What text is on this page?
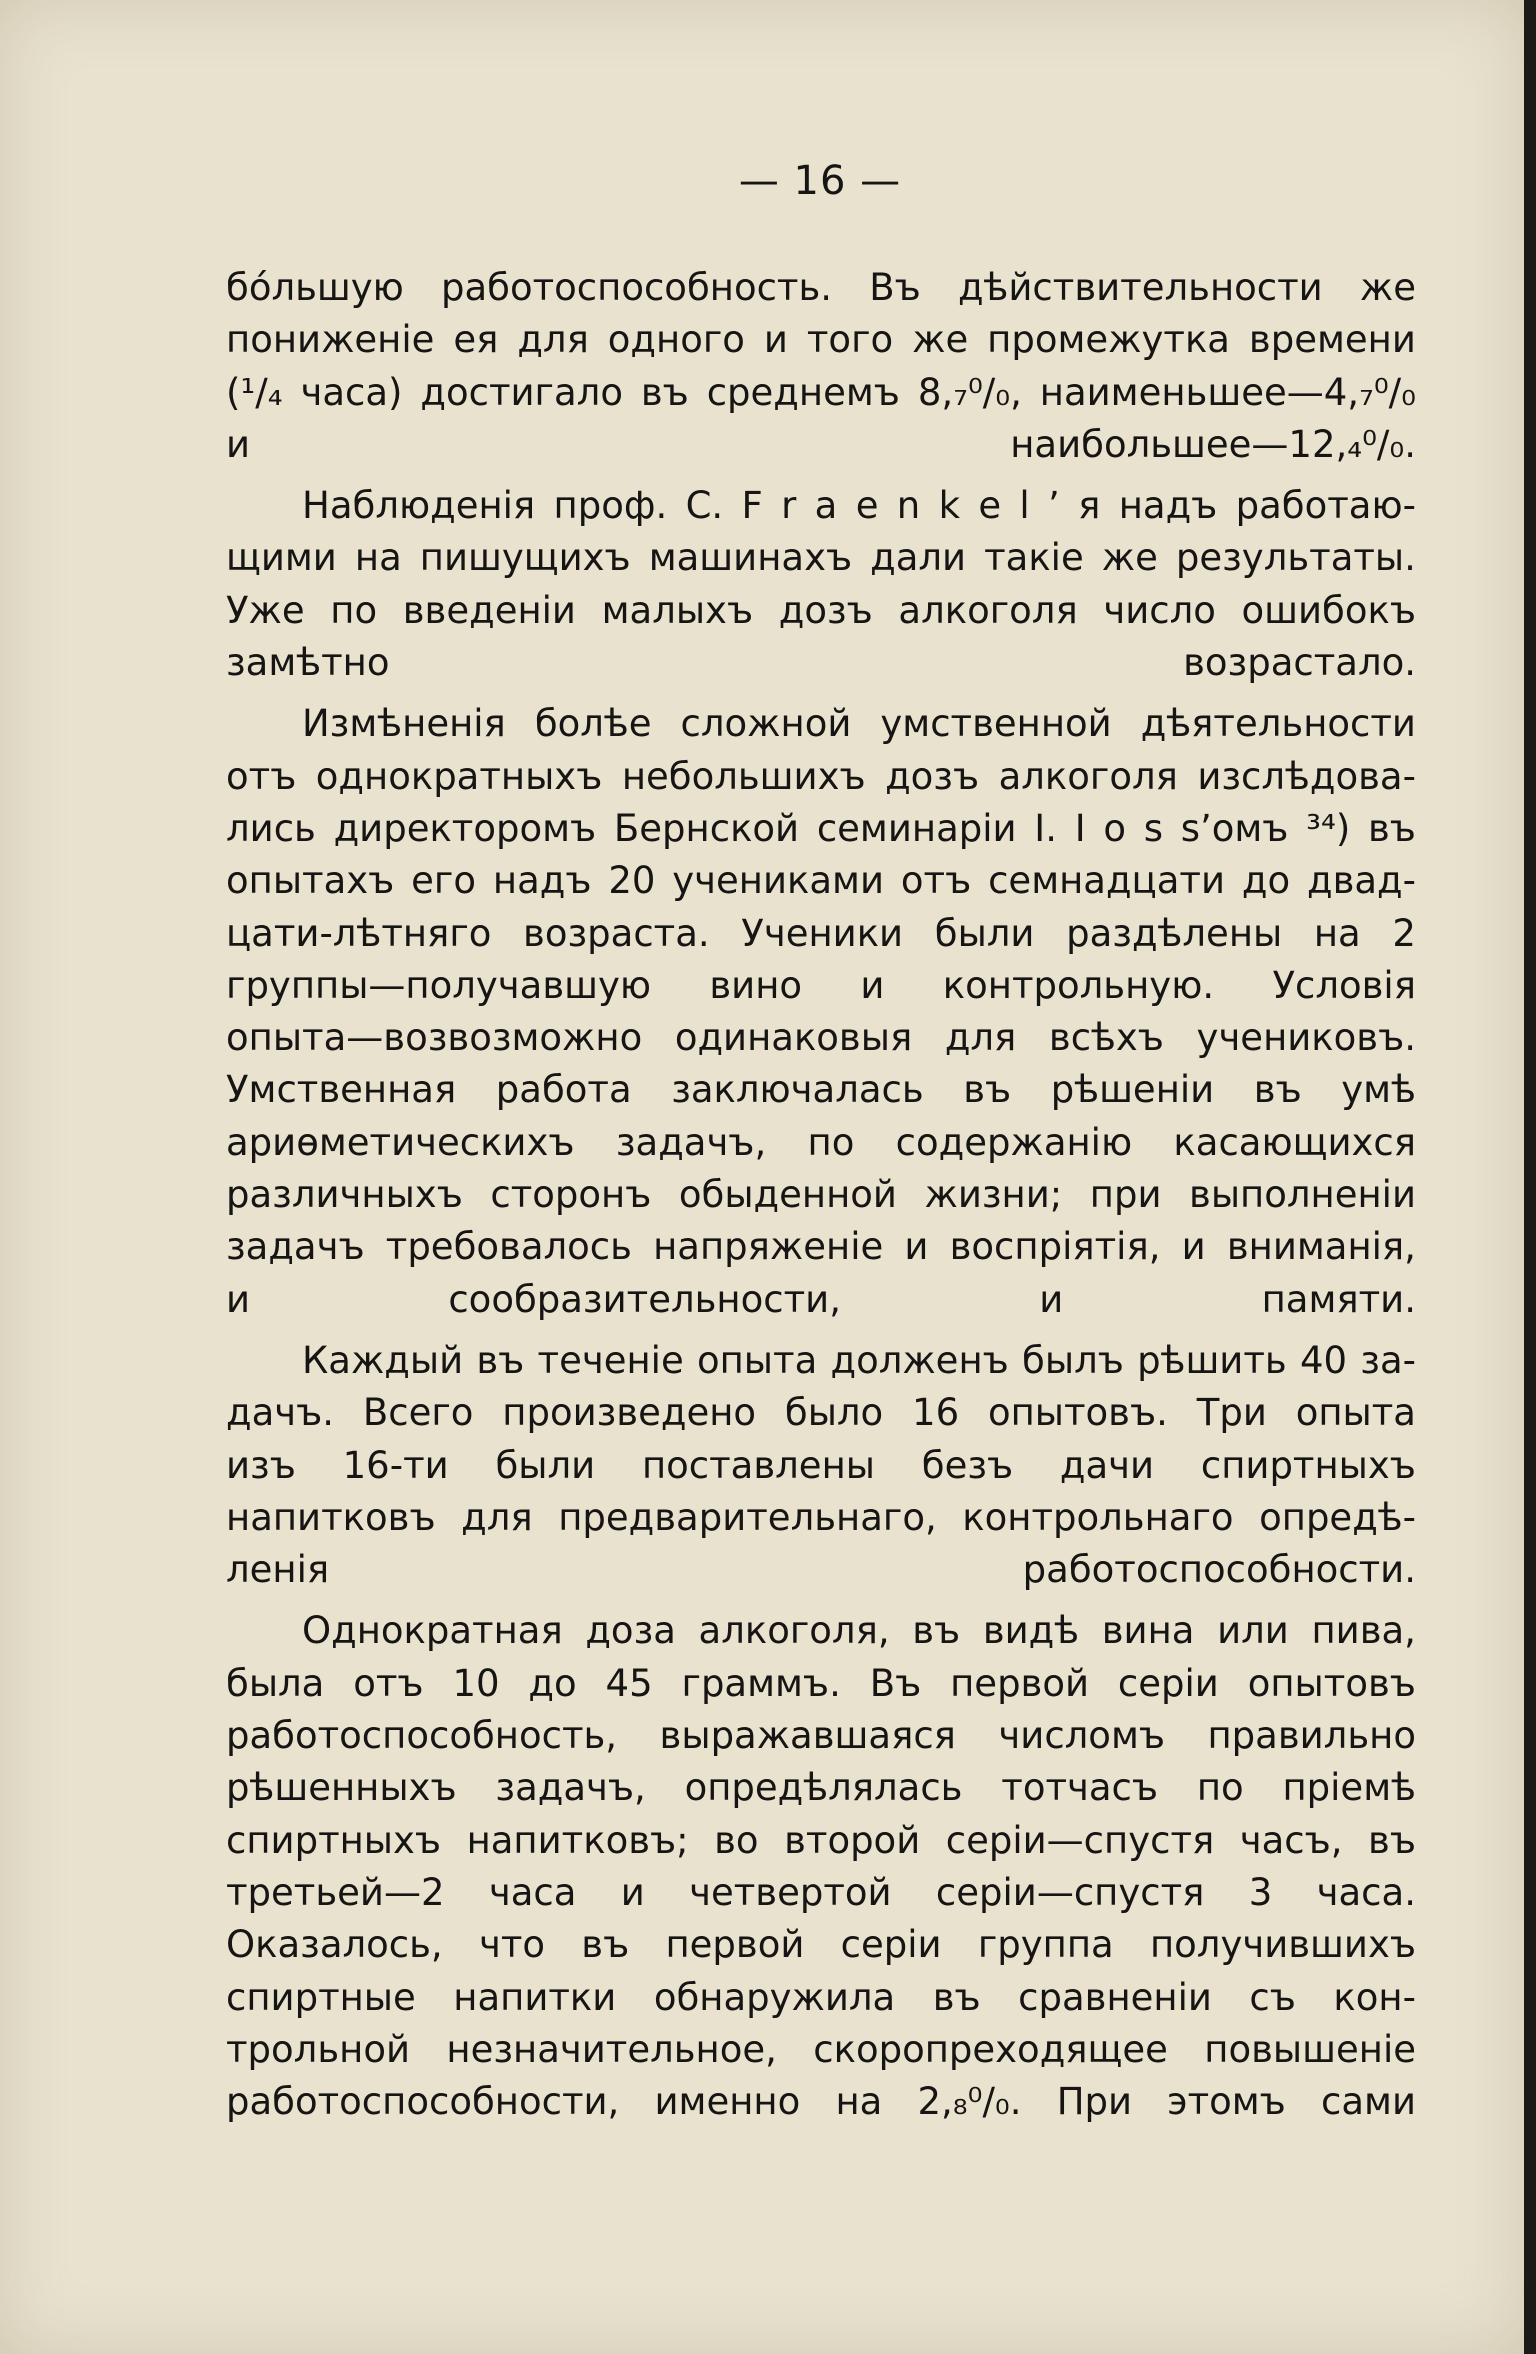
— 16 —

бóльшую работоспособность. Въ дѣйствительности же
пониженіе ея для одного и того же промежутка времени
(¹/₄ часа) достигало въ среднемъ 8,₇⁰/₀, наименьшее—4,₇⁰/₀
и наибольшее—12,₄⁰/₀.

Наблюденія проф. С. F r a e n k e l ’ я надъ работаю-
щими на пишущихъ машинахъ дали такіе же результаты.
Уже по введеніи малыхъ дозъ алкоголя число ошибокъ
замѣтно возрастало.

Измѣненія болѣе сложной умственной дѣятельности
отъ однократныхъ небольшихъ дозъ алкоголя изслѣдова-
лись директоромъ Бернской семинаріи I. I o s s’омъ ³⁴) въ
опытахъ его надъ 20 учениками отъ семнадцати до двад-
цати-лѣтняго возраста. Ученики были раздѣлены на 2
группы—получавшую вино и контрольную. Условія
опыта—возвозможно одинаковыя для всѣхъ учениковъ.
Умственная работа заключалась въ рѣшеніи въ умѣ
ариѳметическихъ задачъ, по содержанію касающихся
различныхъ сторонъ обыденной жизни; при выполненіи
задачъ требовалось напряженіе и воспріятія, и вниманія,
и сообразительности, и памяти.

Каждый въ теченіе опыта долженъ былъ рѣшить 40 за-
дачъ. Всего произведено было 16 опытовъ. Три опыта
изъ 16-ти были поставлены безъ дачи спиртныхъ
напитковъ для предварительнаго, контрольнаго опредѣ-
ленія работоспособности.

Однократная доза алкоголя, въ видѣ вина или пива,
была отъ 10 до 45 граммъ. Въ первой серіи опытовъ
работоспособность, выражавшаяся числомъ правильно
рѣшенныхъ задачъ, опредѣлялась тотчасъ по пріемѣ
спиртныхъ напитковъ; во второй серіи—спустя часъ, въ
третьей—2 часа и четвертой серіи—спустя 3 часа.
Оказалось, что въ первой серіи группа получившихъ
спиртные напитки обнаружила въ сравненіи съ кон-
трольной незначительное, скоропреходящее повышеніе
работоспособности, именно на 2,₈⁰/₀. При этомъ сами
